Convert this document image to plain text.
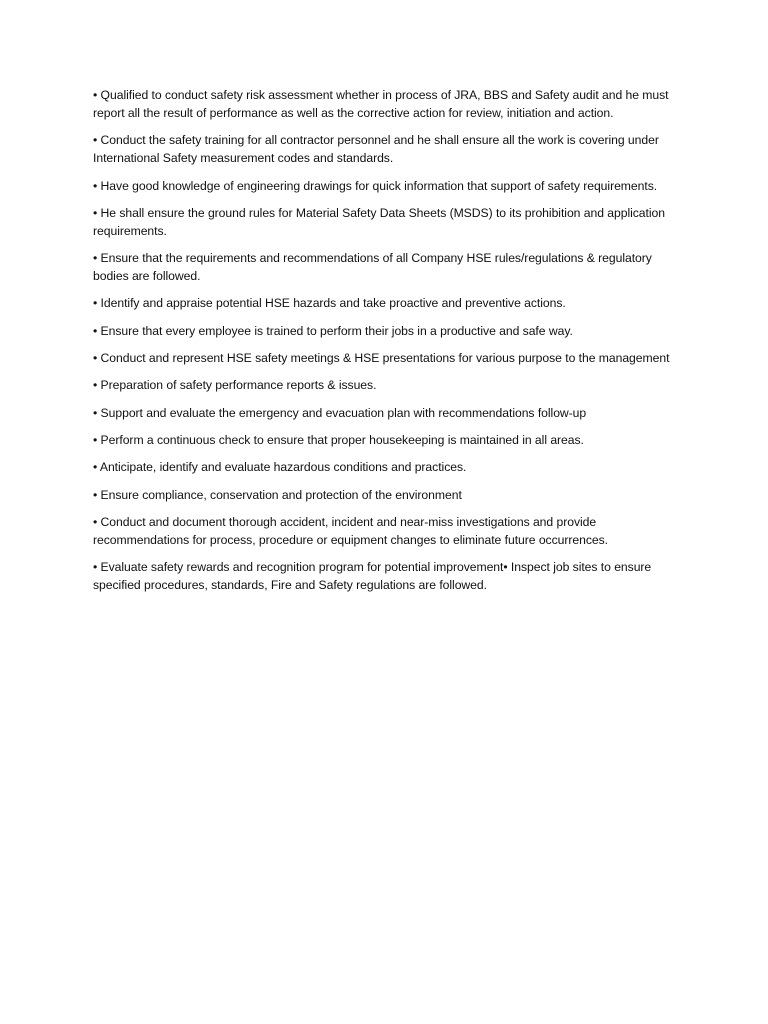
• Qualified to conduct safety risk assessment whether in process of JRA, BBS and Safety audit and he must report all the result of performance as well as the corrective action for review, initiation and action.

• Conduct the safety training for all contractor personnel and he shall ensure all the work is covering under International Safety measurement codes and standards.

• Have good knowledge of engineering drawings for quick information that support of safety requirements.

• He shall ensure the ground rules for Material Safety Data Sheets (MSDS) to its prohibition and application requirements.

• Ensure that the requirements and recommendations of all Company HSE rules/regulations & regulatory bodies are followed.

• Identify and appraise potential HSE hazards and take proactive and preventive actions.

• Ensure that every employee is trained to perform their jobs in a productive and safe way.

• Conduct and represent HSE safety meetings & HSE presentations for various purpose to the management

• Preparation of safety performance reports & issues.

• Support and evaluate the emergency and evacuation plan with recommendations follow-up

• Perform a continuous check to ensure that proper housekeeping is maintained in all areas.

• Anticipate, identify and evaluate hazardous conditions and practices.

• Ensure compliance, conservation and protection of the environment

• Conduct and document thorough accident, incident and near-miss investigations and provide recommendations for process, procedure or equipment changes to eliminate future occurrences.

• Evaluate safety rewards and recognition program for potential improvement• Inspect job sites to ensure specified procedures, standards, Fire and Safety regulations are followed.
